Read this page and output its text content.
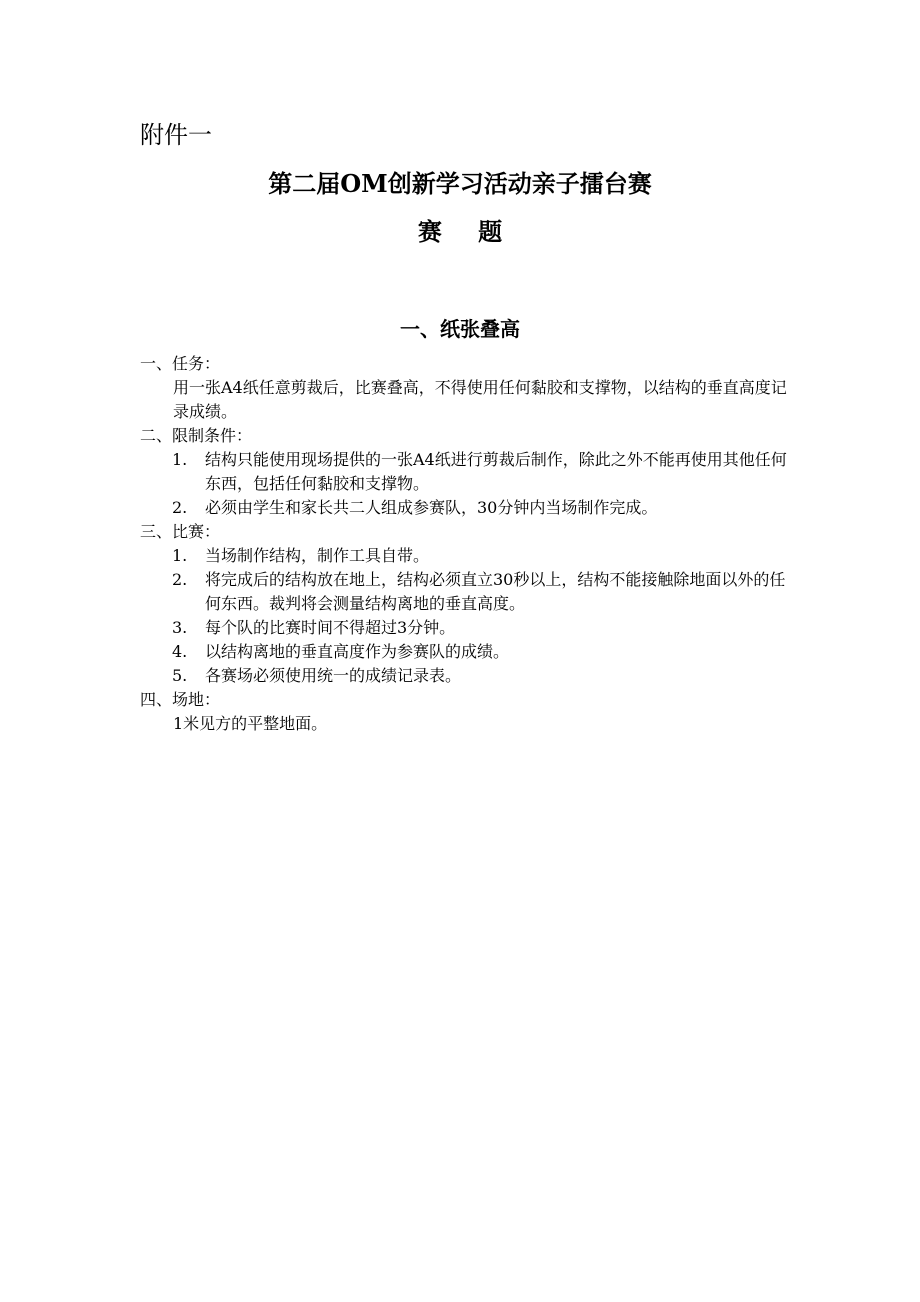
附件一
第二届OM创新学习活动亲子擂台赛
赛 题
一、纸张叠高

一、任务：

用一张A4纸任意剪裁后，比赛叠高，不得使用任何黏胶和支撑物，以结构的垂直高度记录成绩。

二、限制条件：

1. 结构只能使用现场提供的一张A4纸进行剪裁后制作，除此之外不能再使用其他任何东西，包括任何黏胶和支撑物。
2. 必须由学生和家长共二人组成参赛队，30分钟内当场制作完成。

三、比赛：

1. 当场制作结构，制作工具自带。
2. 将完成后的结构放在地上，结构必须直立30秒以上，结构不能接触除地面以外的任何东西。裁判将会测量结构离地的垂直高度。
3. 每个队的比赛时间不得超过3分钟。
4. 以结构离地的垂直高度作为参赛队的成绩。
5. 各赛场必须使用统一的成绩记录表。

四、场地：

1米见方的平整地面。
